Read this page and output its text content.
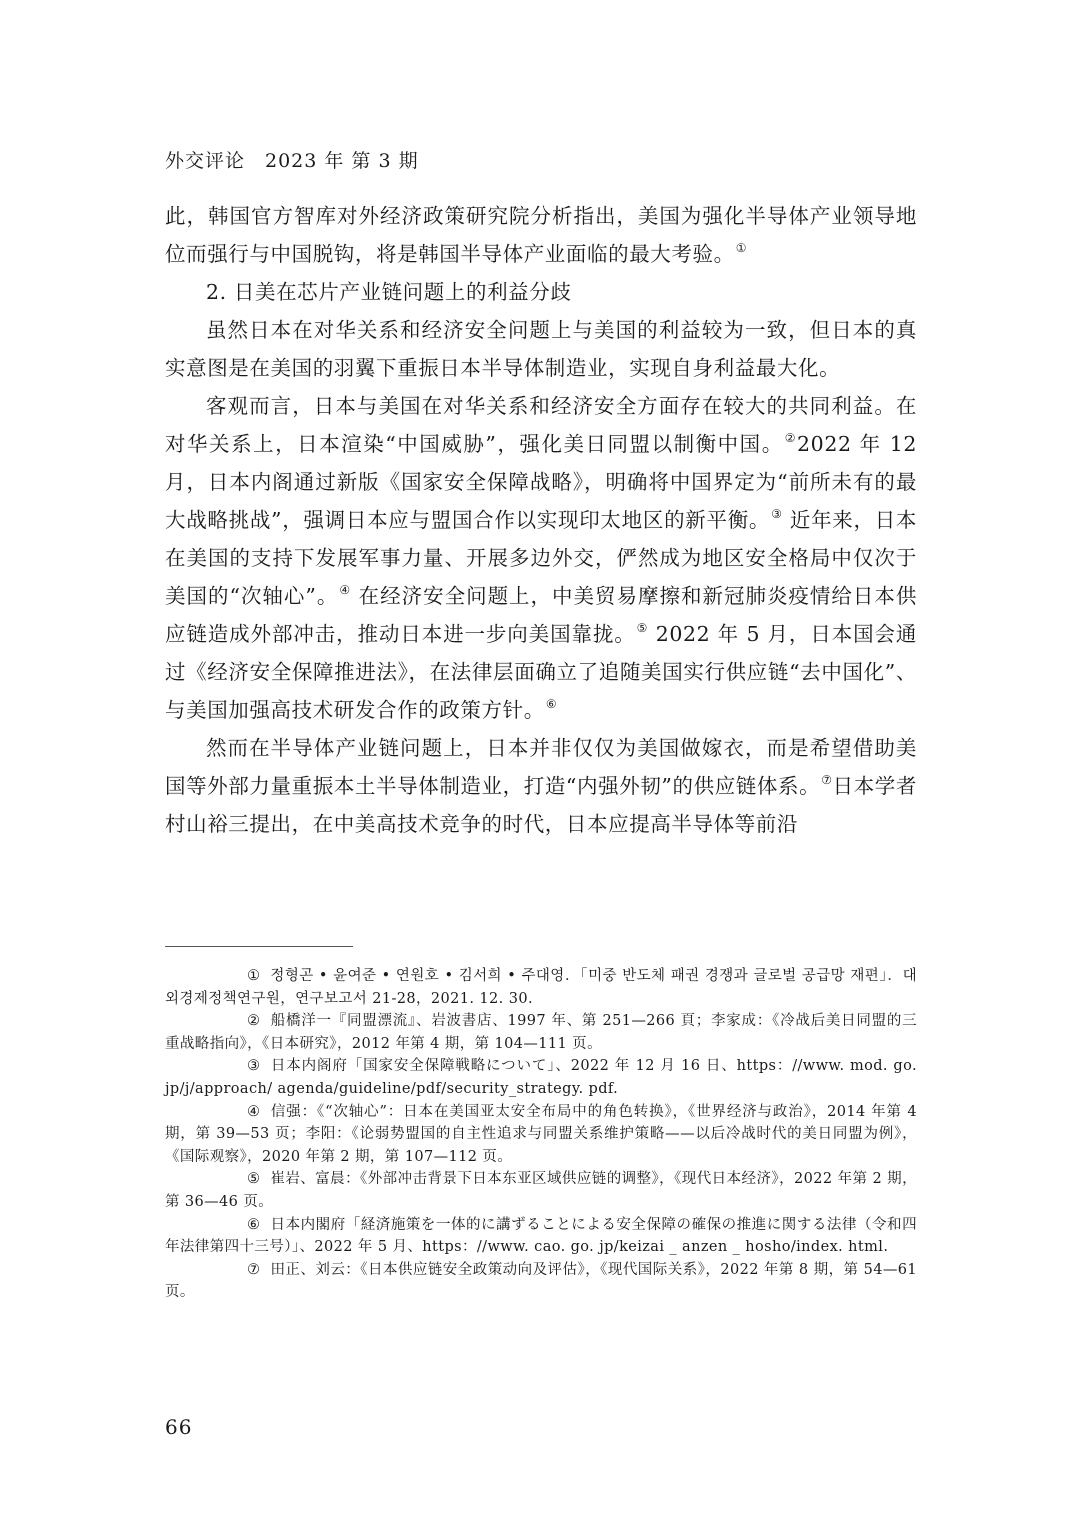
外交评论　2023 年 第 3 期

此，韩国官方智库对外经济政策研究院分析指出，美国为强化半导体产业领导地位而强行与中国脱钩，将是韩国半导体产业面临的最大考验。①

2. 日美在芯片产业链问题上的利益分歧

虽然日本在对华关系和经济安全问题上与美国的利益较为一致，但日本的真实意图是在美国的羽翼下重振日本半导体制造业，实现自身利益最大化。

客观而言，日本与美国在对华关系和经济安全方面存在较大的共同利益。在对华关系上，日本渲染“中国威胁”，强化美日同盟以制衡中国。②2022 年 12 月，日本内阁通过新版《国家安全保障战略》，明确将中国界定为“前所未有的最大战略挑战”，强调日本应与盟国合作以实现印太地区的新平衡。③ 近年来，日本在美国的支持下发展军事力量、开展多边外交，俨然成为地区安全格局中仅次于美国的“次轴心”。④ 在经济安全问题上，中美贸易摩擦和新冠肺炎疫情给日本供应链造成外部冲击，推动日本进一步向美国靠拢。⑤ 2022 年 5 月，日本国会通过《经济安全保障推进法》，在法律层面确立了追随美国实行供应链“去中国化”、与美国加强高技术研发合作的政策方针。⑥

然而在半导体产业链问题上，日本并非仅仅为美国做嫁衣，而是希望借助美国等外部力量重振本土半导体制造业，打造“内强外韧”的供应链体系。⑦日本学者村山裕三提出，在中美高技术竞争的时代，日本应提高半导体等前沿

① 정형곤 • 윤여준 • 연원호 • 김서희 • 주대영．「미중 반도체 패권 경쟁과 글로벌 공급망 재편」．대외경제정책연구원，연구보고서 21-28，2021. 12. 30.

② 船橋洋一『同盟漂流』、岩波書店、1997 年、第 251—266 頁；李家成：《冷战后美日同盟的三重战略指向》，《日本研究》，2012 年第 4 期，第 104—111 页。

③ 日本内阁府「国家安全保障戦略について」、2022 年 12 月 16 日、https：//www. mod. go. jp/j/approach/ agenda/guideline/pdf/security_strategy. pdf.

④ 信强：《“次轴心”：日本在美国亚太安全布局中的角色转换》，《世界经济与政治》，2014 年第 4 期，第 39—53 页；李阳：《论弱势盟国的自主性追求与同盟关系维护策略——以后冷战时代的美日同盟为例》，《国际观察》，2020 年第 2 期，第 107—112 页。

⑤ 崔岩、富晨：《外部冲击背景下日本东亚区域供应链的调整》，《现代日本经济》，2022 年第 2 期，第 36—46 页。

⑥ 日本内閣府「経済施策を一体的に講ずることによる安全保障の確保の推進に関する法律（令和四年法律第四十三号）」、2022 年 5 月、https：//www. cao. go. jp/keizai _ anzen _ hosho/index. html.

⑦ 田正、刘云：《日本供应链安全政策动向及评估》，《现代国际关系》，2022 年第 8 期，第 54—61 页。

66
